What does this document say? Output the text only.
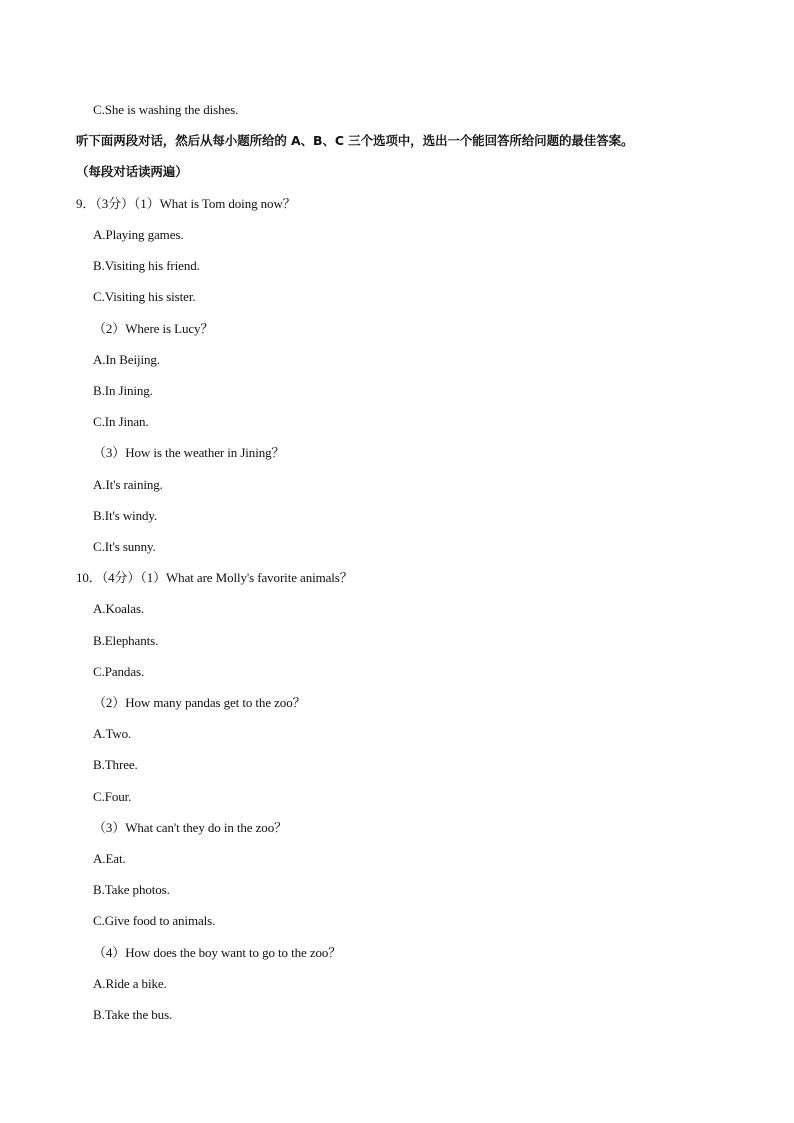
C.She is washing the dishes.
听下面两段对话，然后从每小题所给的 A、B、C 三个选项中，选出一个能回答所给问题的最佳答案。
（每段对话读两遍）
9．（3分）（1）What is Tom doing now？
A.Playing games.
B.Visiting his friend.
C.Visiting his sister.
（2）Where is Lucy？
A.In Beijing.
B.In Jining.
C.In Jinan.
（3）How is the weather in Jining？
A.It's raining.
B.It's windy.
C.It's sunny.
10．（4分）（1）What are Molly's favorite animals？
A.Koalas.
B.Elephants.
C.Pandas.
（2）How many pandas get to the zoo？
A.Two.
B.Three.
C.Four.
（3）What can't they do in the zoo？
A.Eat.
B.Take photos.
C.Give food to animals.
（4）How does the boy want to go to the zoo？
A.Ride a bike.
B.Take the bus.
